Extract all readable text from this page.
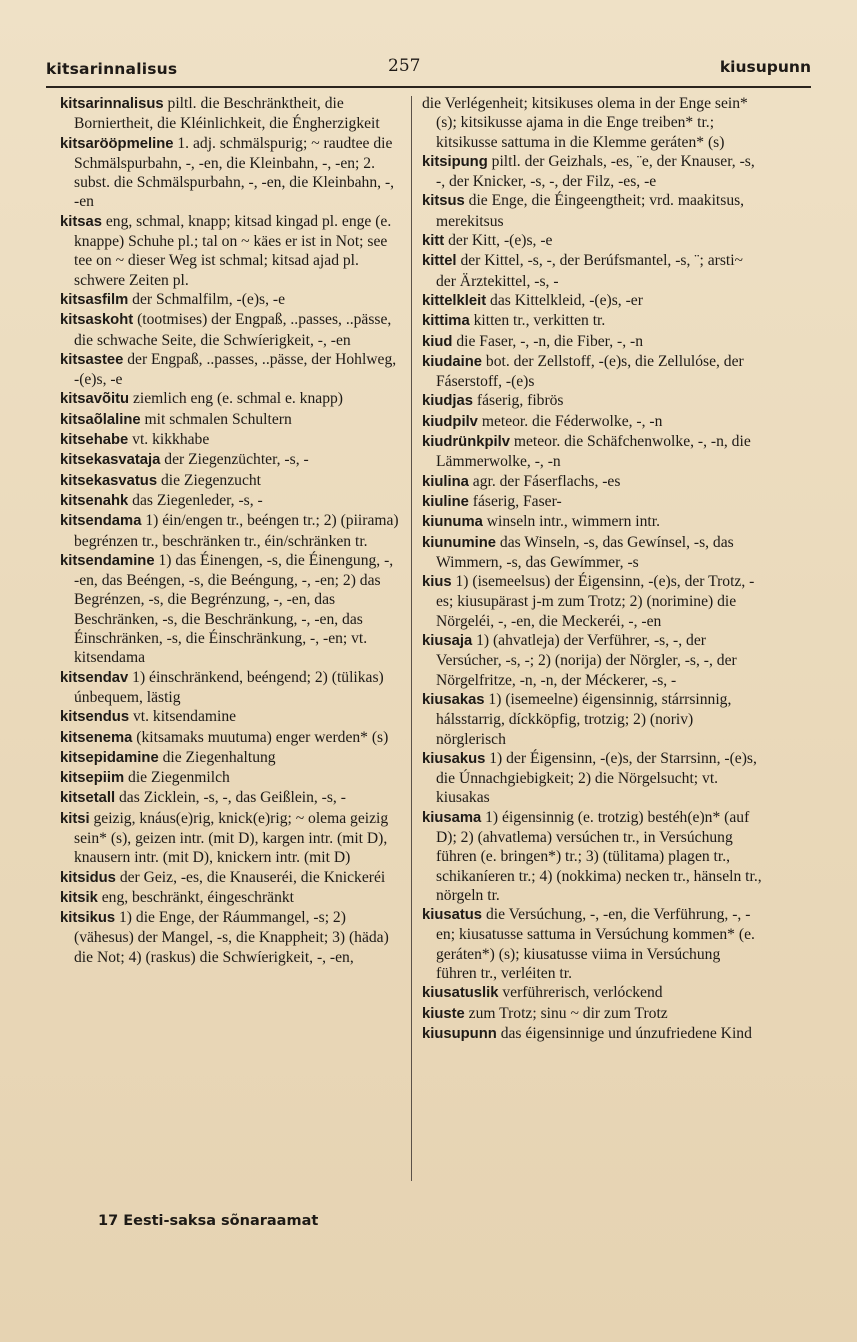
kitsarinnalisus	257	kiusupunn

kitsarinnalisus piltl. die Beschränktheit, die Borniertheit, die Kléinlichkeit, die Éngherzigkeit

kitsarööpmeline 1. adj. schmälspurig; ~ raudtee die Schmälspurbahn, -, -en, die Kleinbahn, -, -en; 2. subst. die Schmälspurbahn, -, -en, die Kleinbahn, -, -en

kitsas eng, schmal, knapp; kitsad kingad pl. enge (e. knappe) Schuhe pl.; tal on ~ käes er ist in Not; see tee on ~ dieser Weg ist schmal; kitsad ajad pl. schwere Zeiten pl.

kitsasfilm der Schmalfilm, -(e)s, -e

kitsaskoht (tootmises) der Engpaß, ..passes, ..pässe, die schwache Seite, die Schwíerigkeit, -, -en

kitsastee der Engpaß, ..passes, ..pässe, der Hohlweg, -(e)s, -e

kitsavõitu ziemlich eng (e. schmal e. knapp)

kitsaõlaline mit schmalen Schultern

kitsehabe vt. kikkhabe

kitsekasvataja der Ziegenzüchter, -s, -

kitsekasvatus die Ziegenzucht

kitsenahk das Ziegenleder, -s, -

kitsendama 1) éin/engen tr., beéngen tr.; 2) (piirama) begrénzen tr., beschränken tr., éin/schränken tr.

kitsendamine 1) das Éinengen, -s, die Éinengung, -, -en, das Beéngen, -s, die Beéngung, -, -en; 2) das Begrénzen, -s, die Begrénzung, -, -en, das Beschränken, -s, die Beschränkung, -, -en, das Éinschränken, -s, die Éinschränkung, -, -en; vt. kitsendama

kitsendav 1) éinschränkend, beéngend; 2) (tülikas) únbequem, lästig

kitsendus vt. kitsendamine

kitsenema (kitsamaks muutuma) enger werden* (s)

kitsepidamine die Ziegenhaltung

kitsepiim die Ziegenmilch

kitsetall das Zicklein, -s, -, das Geißlein, -s, -

kitsi geizig, knáus(e)rig, knick(e)rig; ~ olema geizig sein* (s), geizen intr. (mit D), kargen intr. (mit D), knausern intr. (mit D), knickern intr. (mit D)

kitsidus der Geiz, -es, die Knauseréi, die Knickeréi

kitsik eng, beschränkt, éingeschränkt

kitsikus 1) die Enge, der Ráummangel, -s; 2) (vähesus) der Mangel, -s, die Knappheit; 3) (häda) die Not; 4) (raskus) die Schwíerigkeit, -, -en,

die Verlégenheit; kitsikuses olema in der Enge sein* (s); kitsikusse ajama in die Enge treiben* tr.; kitsikusse sattuma in die Klemme geráten* (s)

kitsipung piltl. der Geizhals, -es, ¨e, der Knauser, -s, -, der Knicker, -s, -, der Filz, -es, -e

kitsus die Enge, die Éingeengtheit; vrd. maakitsus, merekitsus

kitt der Kitt, -(e)s, -e

kittel der Kittel, -s, -, der Berúfsmantel, -s, ¨; arsti~ der Ärztekittel, -s, -

kittelkleit das Kittelkleid, -(e)s, -er

kittima kitten tr., verkitten tr.

kiud die Faser, -, -n, die Fiber, -, -n

kiudaine bot. der Zellstoff, -(e)s, die Zellulóse, der Fáserstoff, -(e)s

kiudjas fáserig, fibrös

kiudpilv meteor. die Féderwolke, -, -n

kiudrünkpilv meteor. die Schäfchenwolke, -, -n, die Lämmerwolke, -, -n

kiulina agr. der Fáserflachs, -es

kiuline fáserig, Faser-

kiunuma winseln intr., wimmern intr.

kiunumine das Winseln, -s, das Gewínsel, -s, das Wimmern, -s, das Gewímmer, -s

kius 1) (isemeelsus) der Éigensinn, -(e)s, der Trotz, -es; kiusupärast j-m zum Trotz; 2) (norimine) die Nörgeléi, -, -en, die Meckeréi, -, -en

kiusaja 1) (ahvatleja) der Verführer, -s, -, der Versúcher, -s, -; 2) (norija) der Nörgler, -s, -, der Nörgelfritze, -n, -n, der Méckerer, -s, -

kiusakas 1) (isemeelne) éigensinnig, stárrsinnig, hálsstarrig, díckköpfig, trotzig; 2) (noriv) nörglerisch

kiusakus 1) der Éigensinn, -(e)s, der Starrsinn, -(e)s, die Únnachgiebigkeit; 2) die Nörgelsucht; vt. kiusakas

kiusama 1) éigensinnig (e. trotzig) bestéh(e)n* (auf D); 2) (ahvatlema) versúchen tr., in Versúchung führen (e. bringen*) tr.; 3) (tülitama) plagen tr., schikaníeren tr.; 4) (nokkima) necken tr., hänseln tr., nörgeln tr.

kiusatus die Versúchung, -, -en, die Verführung, -, -en; kiusatusse sattuma in Versúchung kommen* (e. geráten*) (s); kiusatusse viima in Versúchung führen tr., verléiten tr.

kiusatuslik verführerisch, verlóckend

kiuste zum Trotz; sinu ~ dir zum Trotz

kiusupunn das éigensinnige und únzufriedene Kind

17 Eesti-saksa sõnaraamat
